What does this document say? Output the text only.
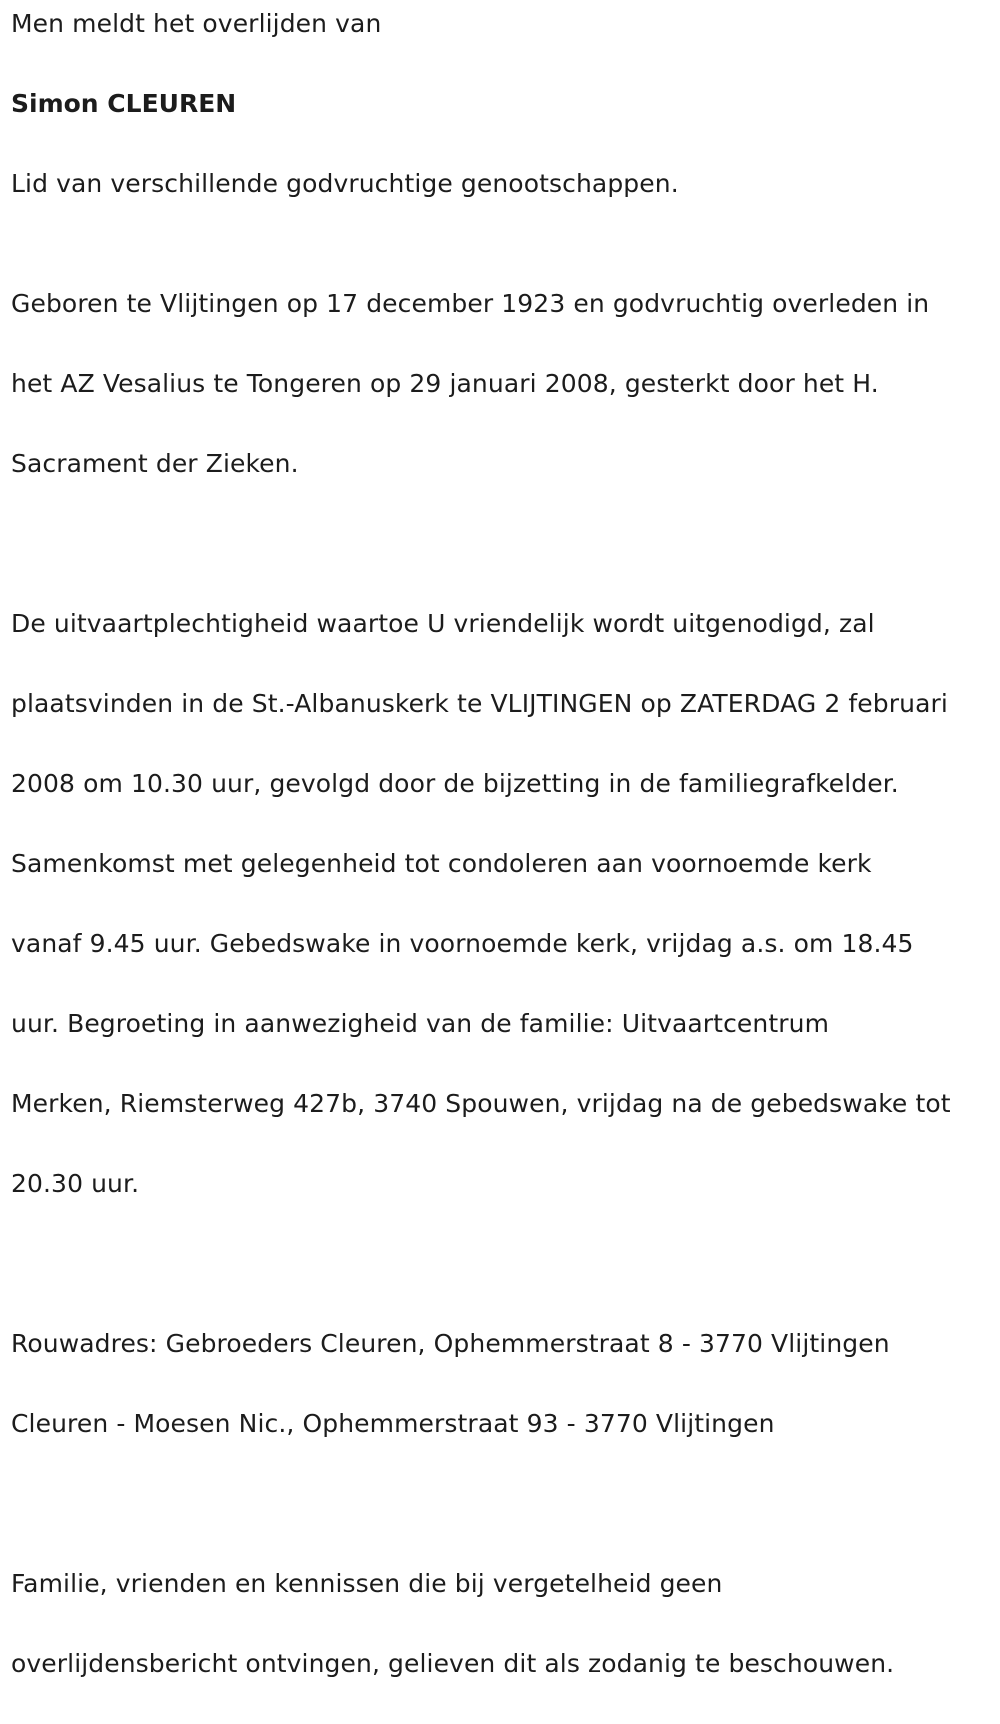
Men meldt het overlijden van

Simon CLEUREN

Lid van verschillende godvruchtige genootschappen.

Geboren te Vlijtingen op 17 december 1923 en godvruchtig overleden in

het AZ Vesalius te Tongeren op 29 januari 2008, gesterkt door het H.

Sacrament der Zieken.

De uitvaartplechtigheid waartoe U vriendelijk wordt uitgenodigd, zal

plaatsvinden in de St.-Albanuskerk te VLIJTINGEN op ZATERDAG 2 februari

2008 om 10.30 uur, gevolgd door de bijzetting in de familiegrafkelder.

Samenkomst met gelegenheid tot condoleren aan voornoemde kerk

vanaf 9.45 uur. Gebedswake in voornoemde kerk, vrijdag a.s. om 18.45

uur. Begroeting in aanwezigheid van de familie: Uitvaartcentrum

Merken, Riemsterweg 427b, 3740 Spouwen, vrijdag na de gebedswake tot

20.30 uur.

Rouwadres: Gebroeders Cleuren, Ophemmerstraat 8 - 3770 Vlijtingen

Cleuren - Moesen Nic., Ophemmerstraat 93 - 3770 Vlijtingen

Familie, vrienden en kennissen die bij vergetelheid geen

overlijdensbericht ontvingen, gelieven dit als zodanig te beschouwen.
